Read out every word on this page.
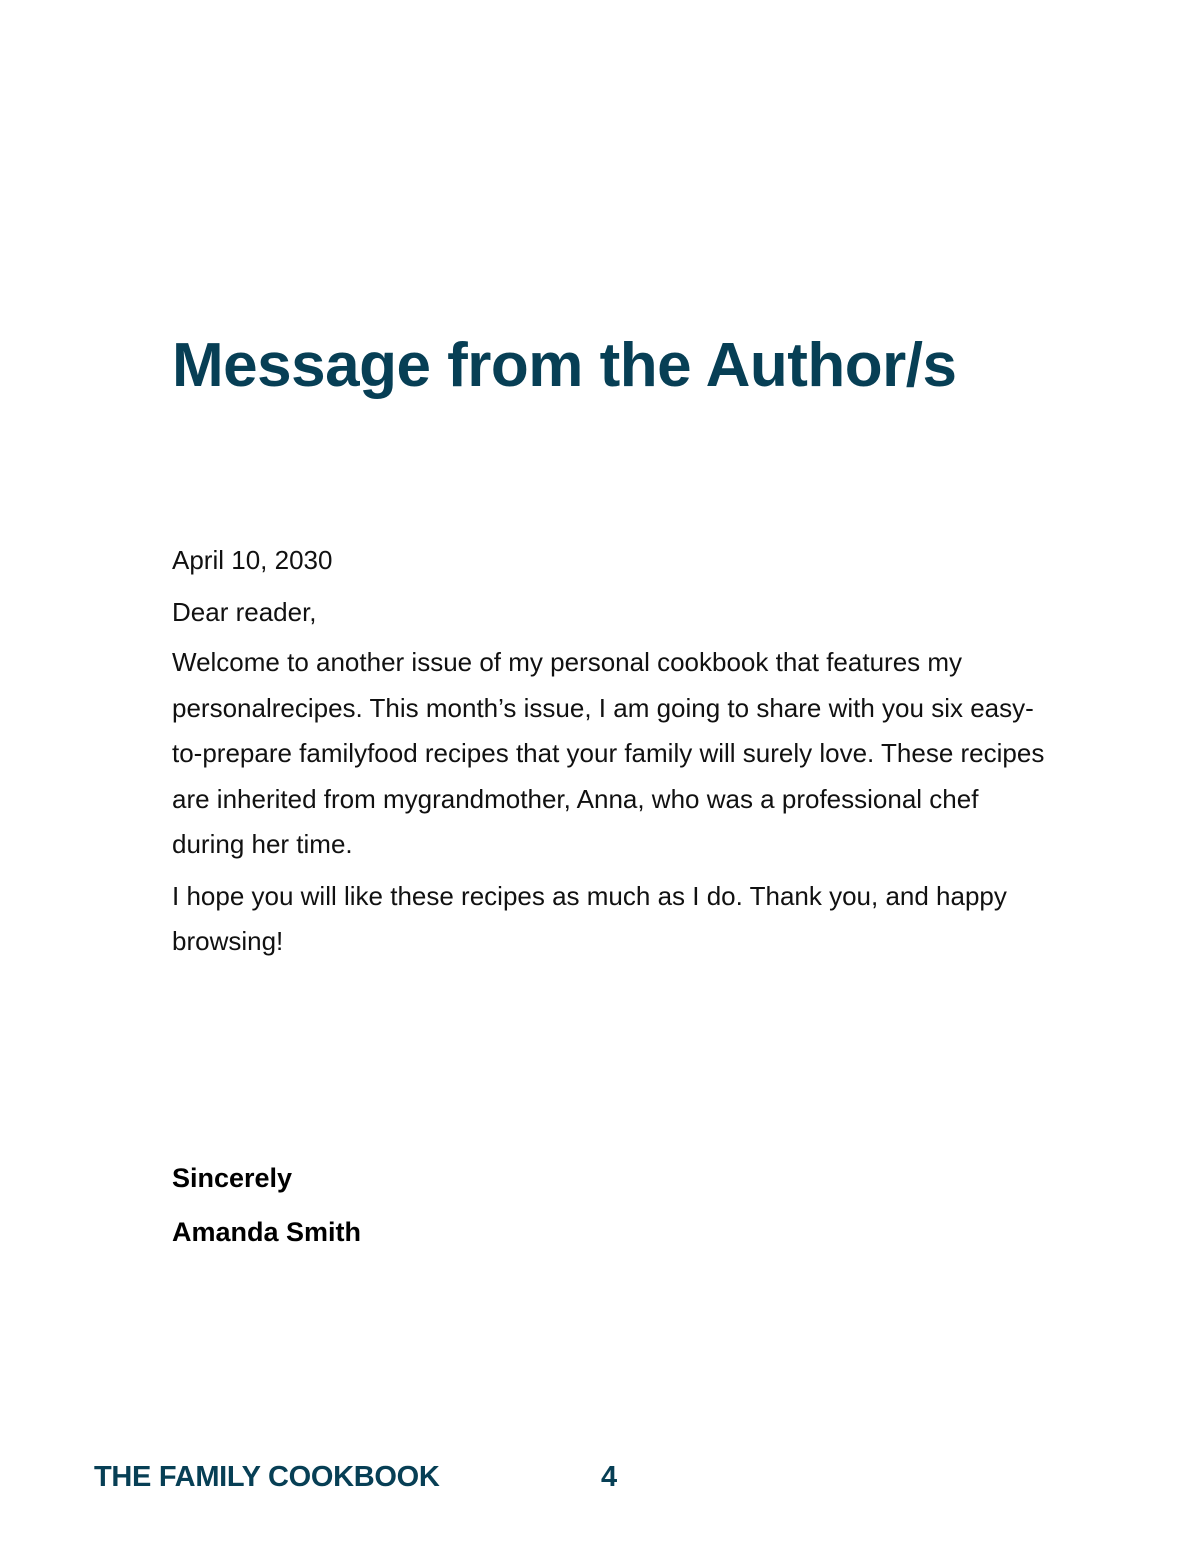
Message from the Author/s

April 10, 2030

Dear reader,

Welcome to another issue of my personal cookbook that features my personalrecipes. This month’s issue, I am going to share with you six easy-to-prepare familyfood recipes that your family will surely love. These recipes are inherited from mygrandmother, Anna, who was a professional chef during her time.

I hope you will like these recipes as much as I do. Thank you, and happy browsing!

Sincerely
Amanda Smith
THE FAMILY COOKBOOK	4
